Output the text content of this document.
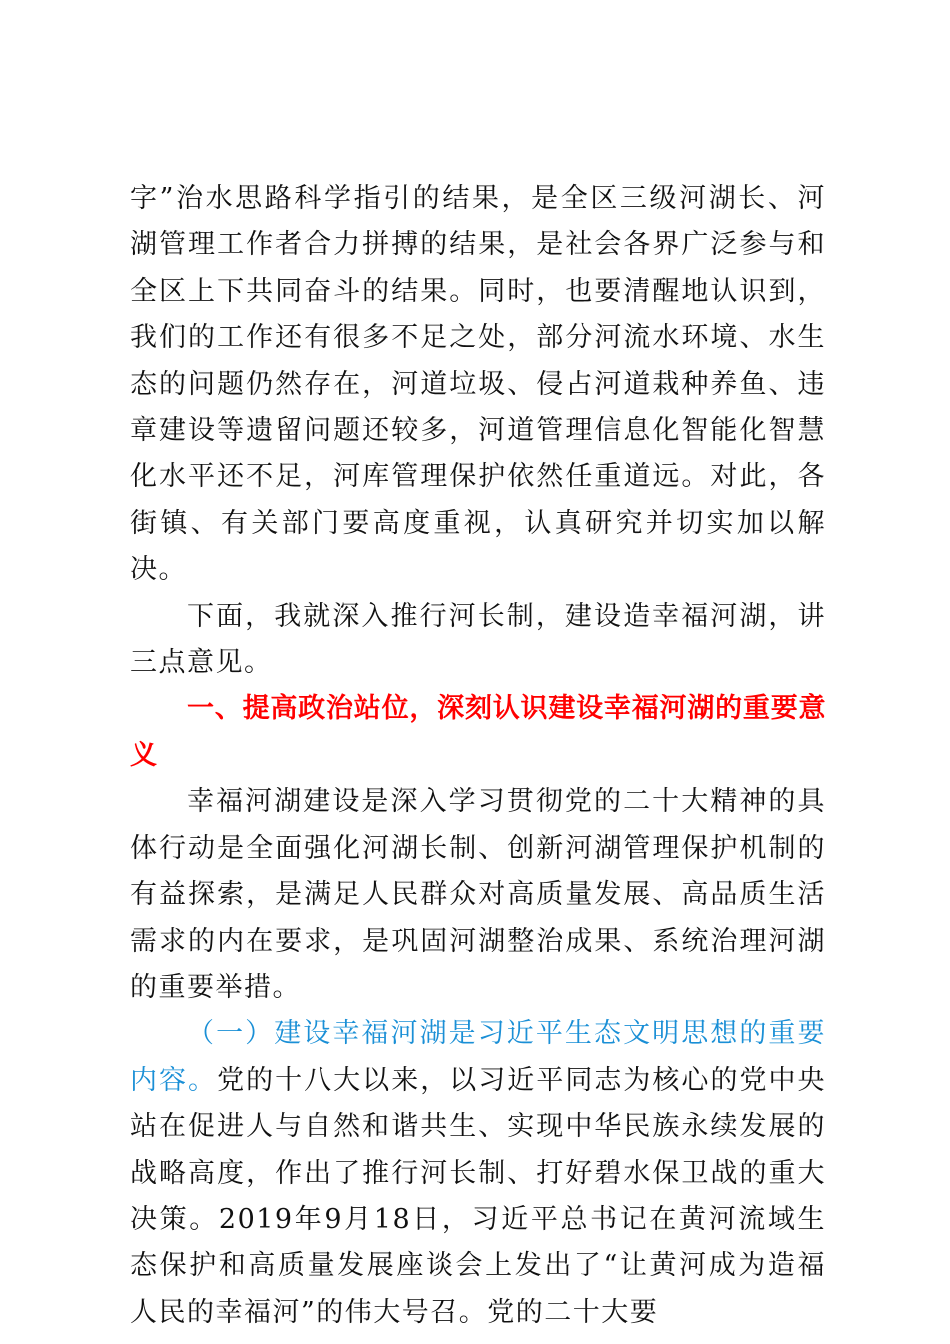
字”治水思路科学指引的结果，是全区三级河湖长、河湖管理工作者合力拼搏的结果，是社会各界广泛参与和全区上下共同奋斗的结果。同时，也要清醒地认识到，我们的工作还有很多不足之处，部分河流水环境、水生态的问题仍然存在，河道垃圾、侵占河道栽种养鱼、违章建设等遗留问题还较多，河道管理信息化智能化智慧化水平还不足，河库管理保护依然任重道远。对此，各街镇、有关部门要高度重视，认真研究并切实加以解决。

下面，我就深入推行河长制，建设造幸福河湖，讲三点意见。

一、提高政治站位，深刻认识建设幸福河湖的重要意义

幸福河湖建设是深入学习贯彻党的二十大精神的具体行动是全面强化河湖长制、创新河湖管理保护机制的有益探索，是满足人民群众对高质量发展、高品质生活需求的内在要求，是巩固河湖整治成果、系统治理河湖的重要举措。

（一）建设幸福河湖是习近平生态文明思想的重要内容。党的十八大以来，以习近平同志为核心的党中央站在促进人与自然和谐共生、实现中华民族永续发展的战略高度，作出了推行河长制、打好碧水保卫战的重大决策。2019年9月18日，习近平总书记在黄河流域生态保护和高质量发展座谈会上发出了“让黄河成为造福人民的幸福河”的伟大号召。党的二十大要
